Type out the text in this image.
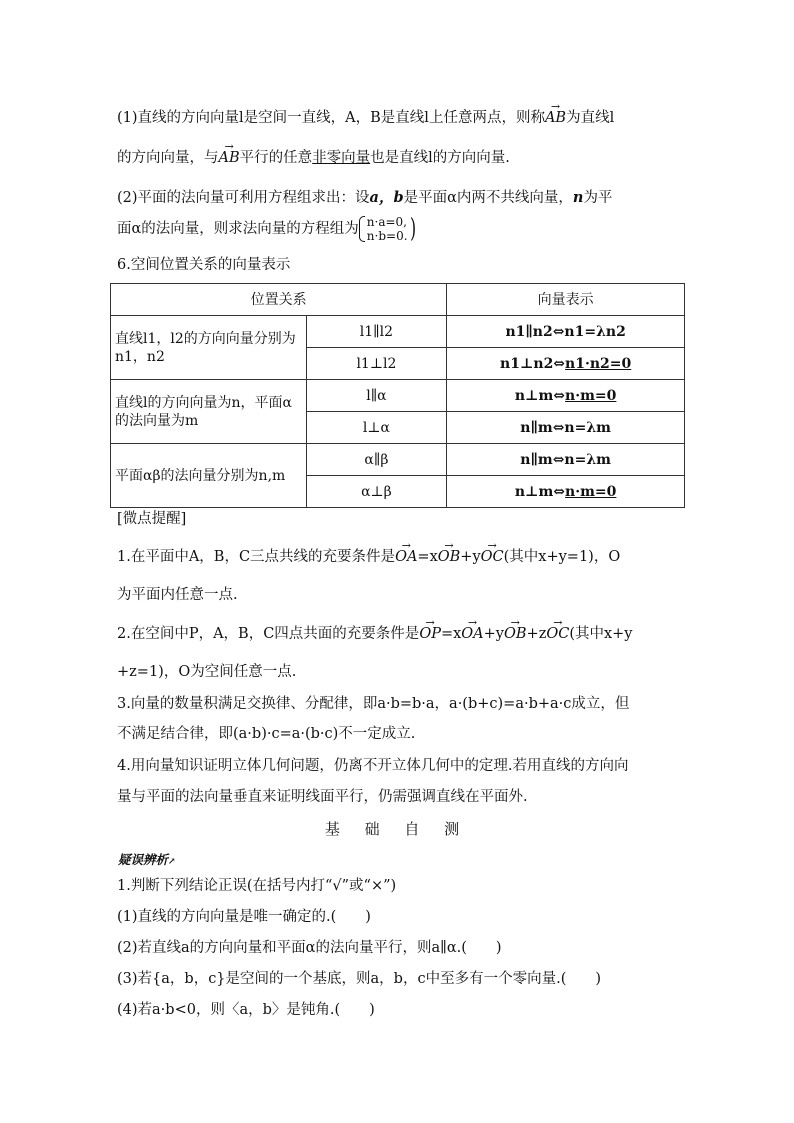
(1)直线的方向向量l是空间一直线，A，B是直线l上任意两点，则称→ AB为直线l
的方向向量，与→ AB平行的任意非零向量也是直线l的方向向量.
(2)平面的法向量可利用方程组求出：设a，b是平面α内两不共线向量，n为平
面α的法向量，则求法向量的方程组为 n·a=0,
n·b=0. )
6.空间位置关系的向量表示
位置关系		向量表示
直线l1，l2的方向向量分别为n1，n2	l1∥l2	n1∥n2⇔n1=λn2
	l1⊥l2	n1⊥n2⇔n1·n2=0
直线l的方向向量为n，平面α的法向量为m	l∥α	n⊥m⇔n·m=0
	l⊥α	n∥m⇔n=λm
平面αβ的法向量分别为n,m	α∥β	n∥m⇔n=λm
	α⊥β	n⊥m⇔n·m=0
[微点提醒]
1.在平面中A，B，C三点共线的充要条件是→ OA=x→ OB+y→ OC(其中x+y=1)，O
为平面内任意一点.
2.在空间中P，A，B，C四点共面的充要条件是→ OP=x→ OA+y→ OB+z→ OC(其中x+y
+z=1)，O为空间任意一点.
3.向量的数量积满足交换律、分配律，即a·b=b·a，a·(b+c)=a·b+a·c成立，但
不满足结合律，即(a·b)·c=a·(b·c)不一定成立.
4.用向量知识证明立体几何问题，仍离不开立体几何中的定理.若用直线的方向向
量与平面的法向量垂直来证明线面平行，仍需强调直线在平面外.
基 础 自 测
疑误辨析 ↗
1.判断下列结论正误(在括号内打“√”或“×”)
(1)直线的方向向量是唯一确定的.(　　)
(2)若直线a的方向向量和平面α的法向量平行，则a∥α.(　　)
(3)若{a，b，c}是空间的一个基底，则a，b，c中至多有一个零向量.(　　)
(4)若a·b<0，则〈a，b〉是钝角.(　　)
